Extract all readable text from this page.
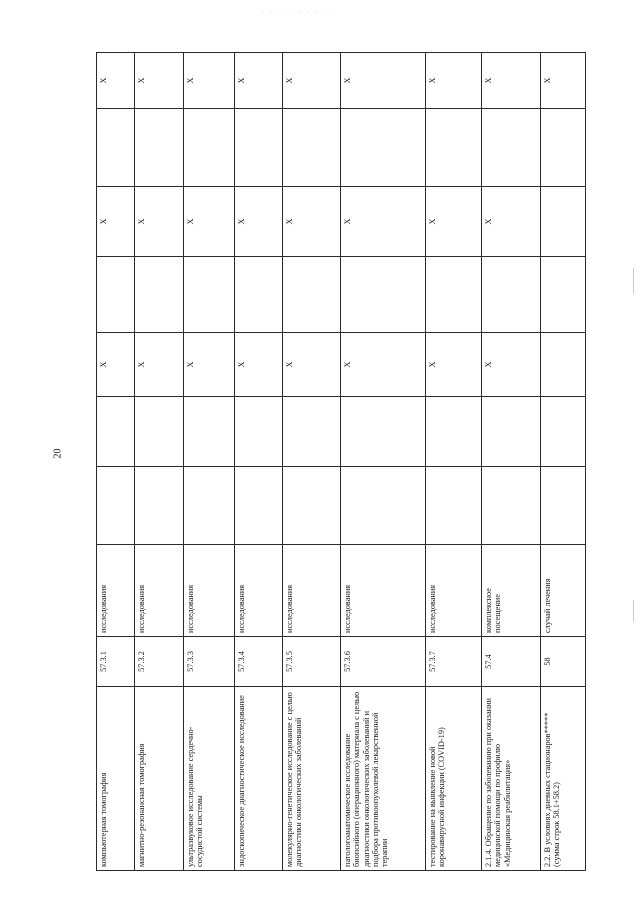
· · · · · · · · · ·
20
компьютерная томография	57.3.1	исследования			Х		Х		Х
магнитно-резонансная томография	57.3.2	исследования			Х		Х		Х
ультразвуковое исследование сердечно-сосудистой системы	57.3.3	исследования			Х		Х		Х
эндоскопическое диагностическое исследование	57.3.4	исследования			Х		Х		Х
молекулярно-генетическое исследование с целью диагностики онкологических заболеваний	57.3.5	исследования			Х		Х		Х
патологоанатомическое исследование биопсийного (операционного) материала с целью диагностики онкологических заболеваний и подбора противоопухолевой лекарственной терапии	57.3.6	исследования			Х		Х		Х
тестирование на выявление новой коронавирусной инфекции (COVID-19)	57.3.7	исследования			Х		Х		Х
2.1.4. Обращение по заболеванию при оказании медицинской помощи по профилю «Медицинская реабилитация»	57.4	комплексное посещение			Х		Х		Х
2.2. В условиях дневных стационаров***** (сумма строк 58.1+58.2)	58	случай лечения							Х
